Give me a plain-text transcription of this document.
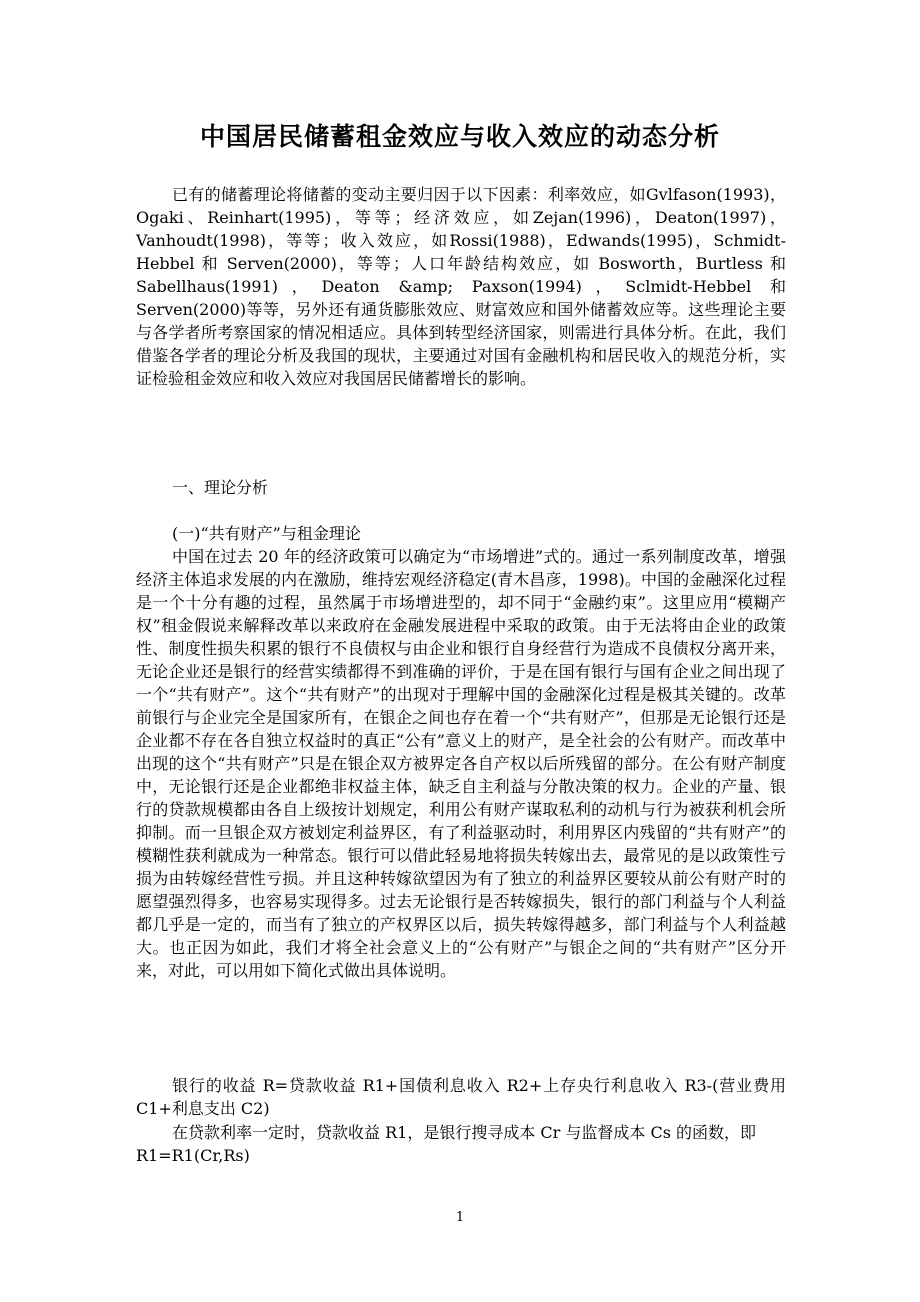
中国居民储蓄租金效应与收入效应的动态分析

已有的储蓄理论将储蓄的变动主要归因于以下因素：利率效应，如Gvlfason(1993)，Ogaki、Reinhart(1995)，等等；经济效应，如Zejan(1996)，Deaton(1997)，Vanhoudt(1998)，等等；收入效应，如Rossi(1988)，Edwands(1995)，Schmidt-Hebbel 和 Serven(2000)，等等；人口年龄结构效应，如 Bosworth，Burtless 和 Sabellhaus(1991)，Deaton &amp; Paxson(1994)，Sclmidt-Hebbel 和 Serven(2000)等等，另外还有通货膨胀效应、财富效应和国外储蓄效应等。这些理论主要与各学者所考察国家的情况相适应。具体到转型经济国家，则需进行具体分析。在此，我们借鉴各学者的理论分析及我国的现状，主要通过对国有金融机构和居民收入的规范分析，实证检验租金效应和收入效应对我国居民储蓄增长的影响。

一、理论分析

(一)“共有财产”与租金理论

中国在过去 20 年的经济政策可以确定为“市场增进”式的。通过一系列制度改革，增强经济主体追求发展的内在激励，维持宏观经济稳定(青木昌彦，1998)。中国的金融深化过程是一个十分有趣的过程，虽然属于市场增进型的，却不同于“金融约束”。这里应用“模糊产权”租金假说来解释改革以来政府在金融发展进程中采取的政策。由于无法将由企业的政策性、制度性损失积累的银行不良债权与由企业和银行自身经营行为造成不良债权分离开来，无论企业还是银行的经营实绩都得不到准确的评价，于是在国有银行与国有企业之间出现了一个“共有财产”。这个“共有财产”的出现对于理解中国的金融深化过程是极其关键的。改革前银行与企业完全是国家所有，在银企之间也存在着一个“共有财产”，但那是无论银行还是企业都不存在各自独立权益时的真正“公有”意义上的财产，是全社会的公有财产。而改革中出现的这个“共有财产”只是在银企双方被界定各自产权以后所残留的部分。在公有财产制度中，无论银行还是企业都绝非权益主体，缺乏自主利益与分散决策的权力。企业的产量、银行的贷款规模都由各自上级按计划规定，利用公有财产谋取私利的动机与行为被获利机会所抑制。而一旦银企双方被划定利益界区，有了利益驱动时，利用界区内残留的“共有财产”的模糊性获利就成为一种常态。银行可以借此轻易地将损失转嫁出去，最常见的是以政策性亏损为由转嫁经营性亏损。并且这种转嫁欲望因为有了独立的利益界区要较从前公有财产时的愿望强烈得多，也容易实现得多。过去无论银行是否转嫁损失，银行的部门利益与个人利益都几乎是一定的，而当有了独立的产权界区以后，损失转嫁得越多，部门利益与个人利益越大。也正因为如此，我们才将全社会意义上的“公有财产”与银企之间的“共有财产”区分开来，对此，可以用如下简化式做出具体说明。

银行的收益 R=贷款收益 R1+国债利息收入 R2+上存央行利息收入 R3-(营业费用 C1+利息支出 C2)

在贷款利率一定时，贷款收益 R1，是银行搜寻成本 Cr 与监督成本 Cs 的函数，即 R1=R1(Cr,Rs)

1
